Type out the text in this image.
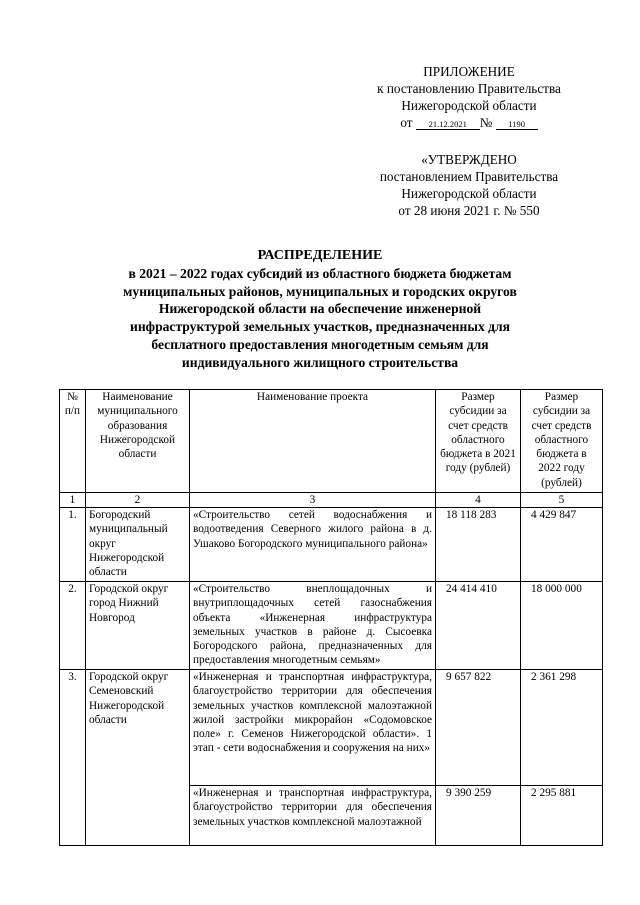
ПРИЛОЖЕНИЕ
к постановлению Правительства
Нижегородской области
от 21.12.2021 № 1190
«УТВЕРЖДЕНО
постановлением Правительства
Нижегородской области
от 28 июня 2021 г. № 550
РАСПРЕДЕЛЕНИЕ
в 2021 – 2022 годах субсидий из областного бюджета бюджетам
муниципальных районов, муниципальных и городских округов
Нижегородской области на обеспечение инженерной
инфраструктурой земельных участков, предназначенных для
бесплатного предоставления многодетным семьям для
индивидуального жилищного строительства
№ п/п	Наименование муниципального образования Нижегородской области	Наименование проекта	Размер субсидии за счет средств областного бюджета в 2021 году (рублей)	Размер субсидии за счет средств областного бюджета в 2022 году (рублей)
1	2	3	4	5
1.	Богородский муниципальный округ Нижегородской области	«Строительство сетей водоснабжения и водоотведения Северного жилого района в д. Ушаково Богородского муниципального района»	18 118 283	4 429 847
2.	Городской округ город Нижний Новгород	«Строительство внеплощадочных и внутриплощадочных сетей газоснабжения объекта «Инженерная инфраструктура земельных участков в районе д. Сысоевка Богородского района, предназначенных для предоставления многодетным семьям»	24 414 410	18 000 000
3.	Городской округ Семеновский Нижегородской области	«Инженерная и транспортная инфраструктура, благоустройство территории для обеспечения земельных участков комплексной малоэтажной жилой застройки микрорайон «Содомовское поле» г. Семенов Нижегородской области». 1 этап - сети водоснабжения и сооружения на них»	9 657 822	2 361 298
		«Инженерная и транспортная инфраструктура, благоустройство территории для обеспечения земельных участков комплексной малоэтажной	9 390 259	2 295 881
